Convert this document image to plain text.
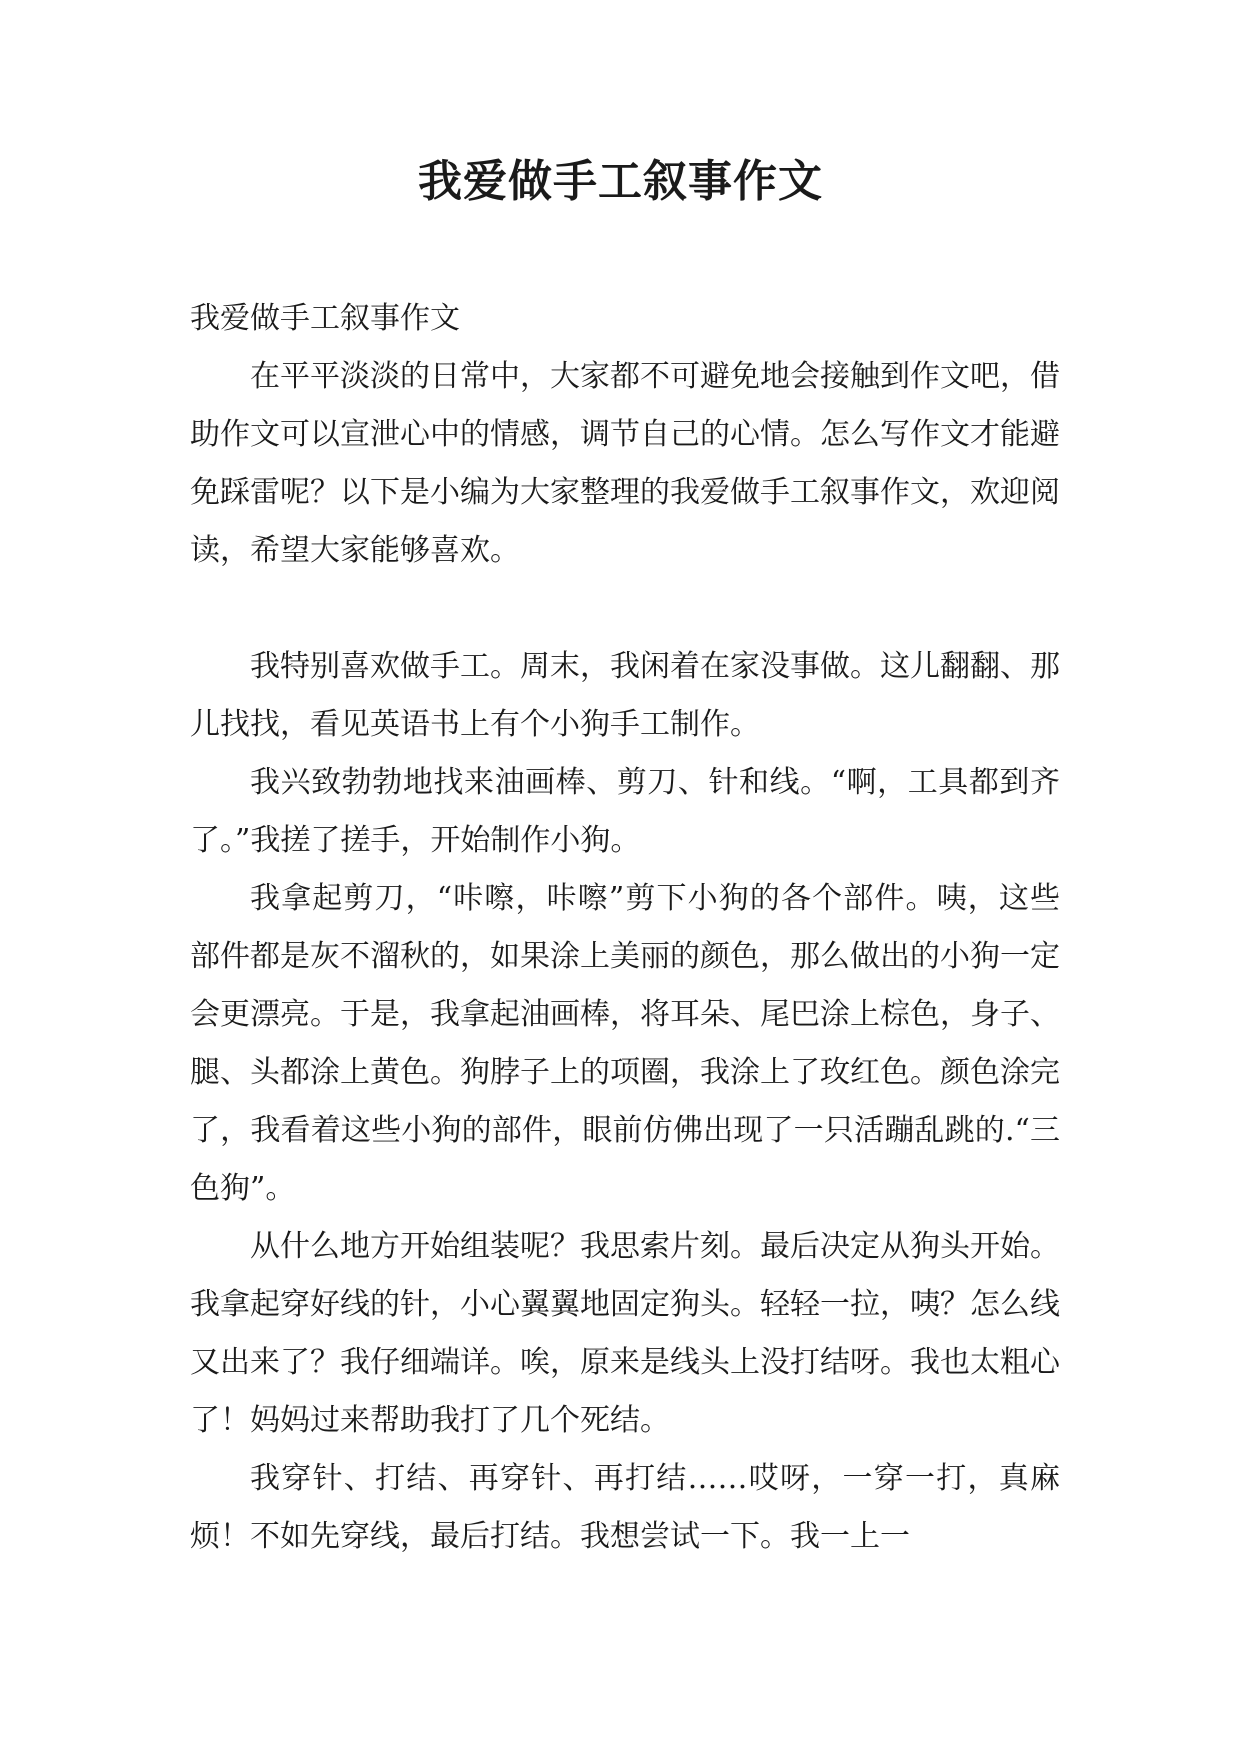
我爱做手工叙事作文

我爱做手工叙事作文

在平平淡淡的日常中，大家都不可避免地会接触到作文吧，借助作文可以宣泄心中的情感，调节自己的心情。怎么写作文才能避免踩雷呢？以下是小编为大家整理的我爱做手工叙事作文，欢迎阅读，希望大家能够喜欢。

我特别喜欢做手工。周末，我闲着在家没事做。这儿翻翻、那儿找找，看见英语书上有个小狗手工制作。

我兴致勃勃地找来油画棒、剪刀、针和线。“啊，工具都到齐了。”我搓了搓手，开始制作小狗。

我拿起剪刀，“咔嚓，咔嚓”剪下小狗的各个部件。咦，这些部件都是灰不溜秋的，如果涂上美丽的颜色，那么做出的小狗一定会更漂亮。于是，我拿起油画棒，将耳朵、尾巴涂上棕色，身子、腿、头都涂上黄色。狗脖子上的项圈，我涂上了玫红色。颜色涂完了，我看着这些小狗的部件，眼前仿佛出现了一只活蹦乱跳的.“三色狗”。

从什么地方开始组装呢？我思索片刻。最后决定从狗头开始。我拿起穿好线的针，小心翼翼地固定狗头。轻轻一拉，咦？怎么线又出来了？我仔细端详。唉，原来是线头上没打结呀。我也太粗心了！妈妈过来帮助我打了几个死结。

我穿针、打结、再穿针、再打结……哎呀，一穿一打，真麻烦！不如先穿线，最后打结。我想尝试一下。我一上一
